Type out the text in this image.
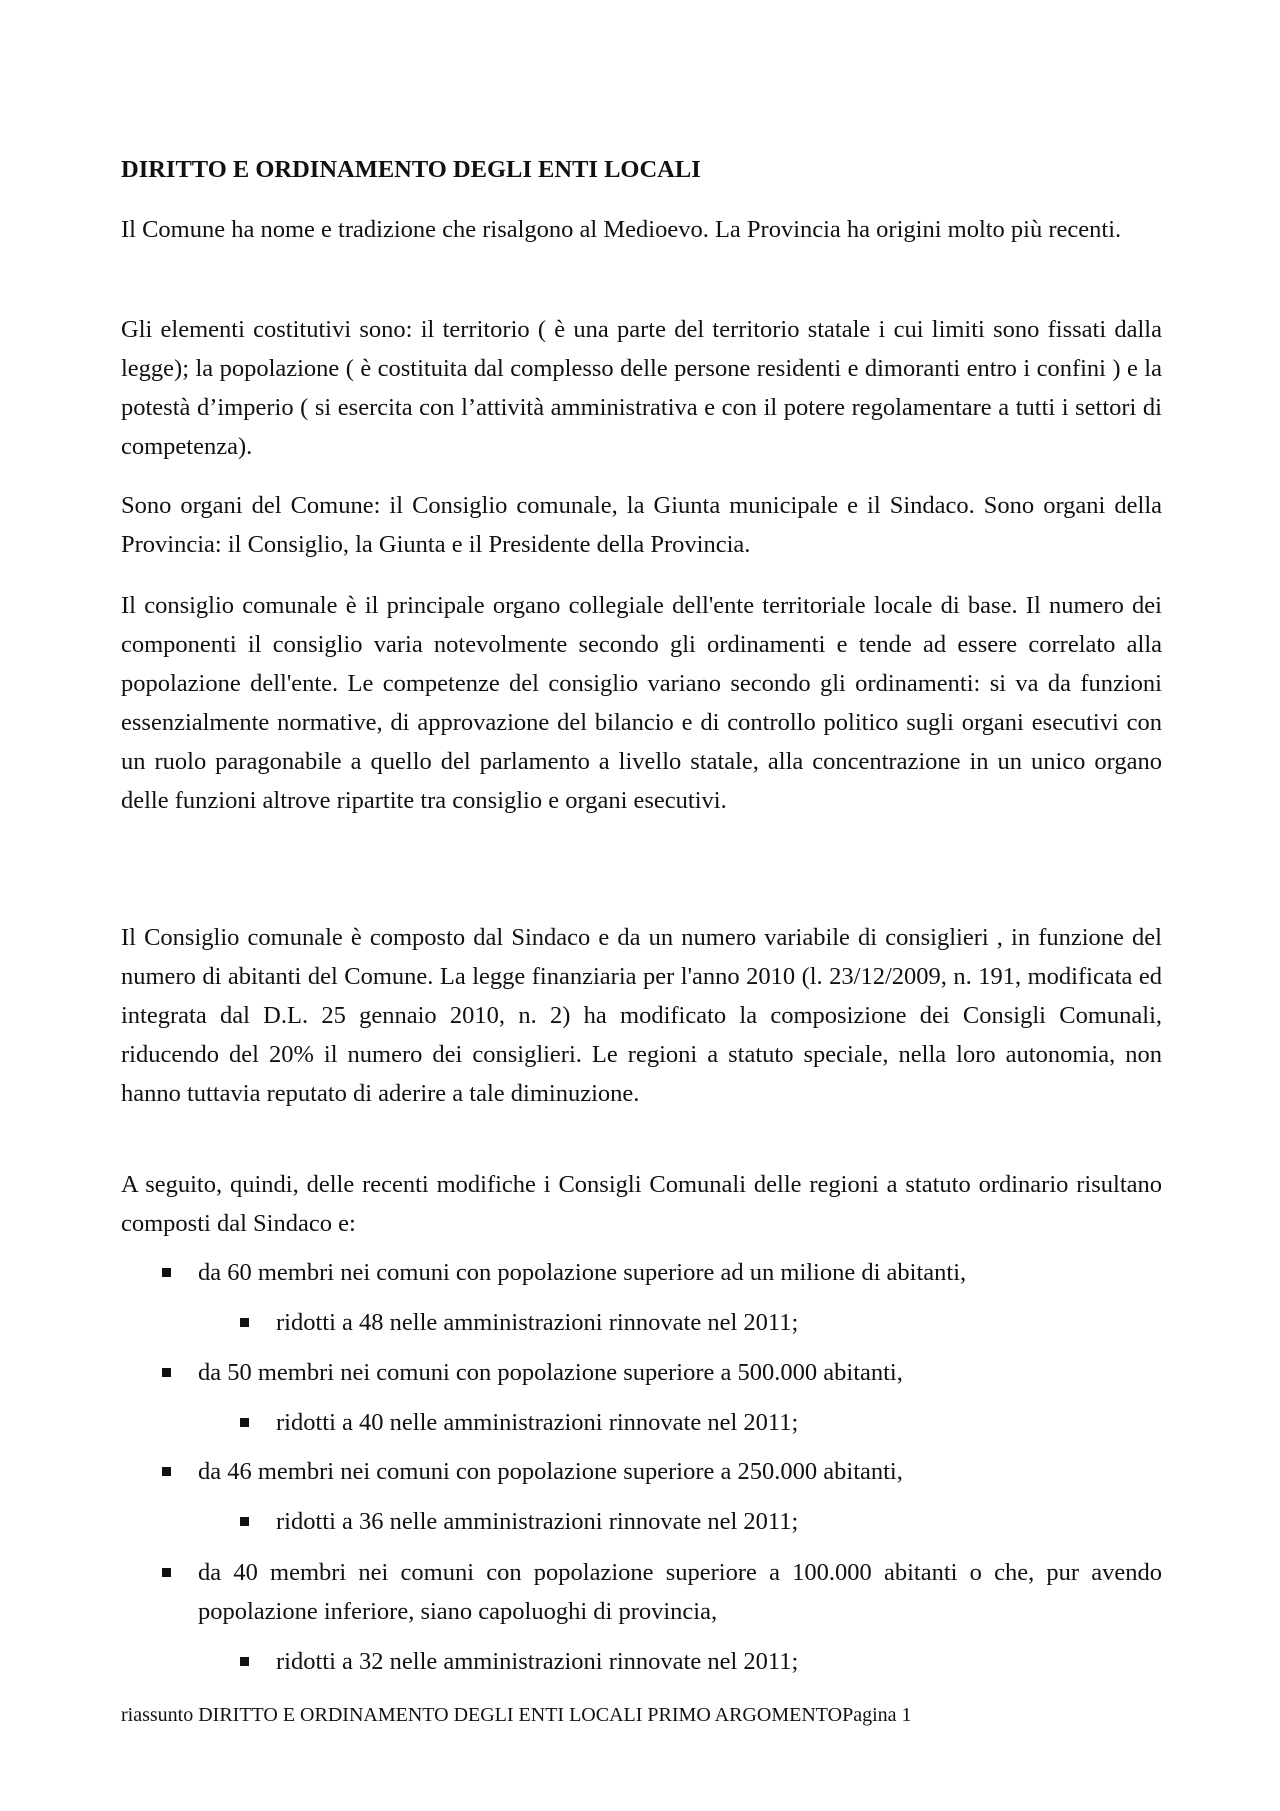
DIRITTO E ORDINAMENTO DEGLI ENTI LOCALI
Il Comune ha nome e tradizione che risalgono al Medioevo. La Provincia ha origini molto più recenti.
Gli elementi costitutivi sono: il territorio ( è una parte del territorio statale i cui limiti sono fissati dalla legge); la popolazione ( è costituita dal complesso delle persone residenti e dimoranti entro i confini ) e la potestà d’imperio ( si esercita con l’attività amministrativa e con il potere regolamentare a tutti i settori di competenza).
Sono organi del Comune: il Consiglio comunale, la Giunta municipale e il Sindaco. Sono organi della Provincia: il Consiglio, la Giunta e il Presidente della Provincia.
Il consiglio comunale è il principale organo collegiale dell'ente territoriale locale di base. Il numero dei componenti il consiglio varia notevolmente secondo gli ordinamenti e tende ad essere correlato alla popolazione dell'ente. Le competenze del consiglio variano secondo gli ordinamenti: si va da funzioni essenzialmente normative, di approvazione del bilancio e di controllo politico sugli organi esecutivi con un ruolo paragonabile a quello del parlamento a livello statale, alla concentrazione in un unico organo delle funzioni altrove ripartite tra consiglio e organi esecutivi.
Il Consiglio comunale è composto dal Sindaco e da un numero variabile di consiglieri , in funzione del numero di abitanti del Comune. La legge finanziaria per l'anno 2010 (l. 23/12/2009, n. 191, modificata ed integrata dal D.L. 25 gennaio 2010, n. 2) ha modificato la composizione dei Consigli Comunali, riducendo del 20% il numero dei consiglieri. Le regioni a statuto speciale, nella loro autonomia, non hanno tuttavia reputato di aderire a tale diminuzione.
A seguito, quindi, delle recenti modifiche i Consigli Comunali delle regioni a statuto ordinario risultano composti dal Sindaco e:
da 60 membri nei comuni con popolazione superiore ad un milione di abitanti,
ridotti a 48 nelle amministrazioni rinnovate nel 2011;
da 50 membri nei comuni con popolazione superiore a 500.000 abitanti,
ridotti a 40 nelle amministrazioni rinnovate nel 2011;
da 46 membri nei comuni con popolazione superiore a 250.000 abitanti,
ridotti a 36 nelle amministrazioni rinnovate nel 2011;
da 40 membri nei comuni con popolazione superiore a 100.000 abitanti o che, pur avendo popolazione inferiore, siano capoluoghi di provincia,
ridotti a 32 nelle amministrazioni rinnovate nel 2011;
riassunto DIRITTO E ORDINAMENTO DEGLI ENTI LOCALI PRIMO ARGOMENTOPagina 1
